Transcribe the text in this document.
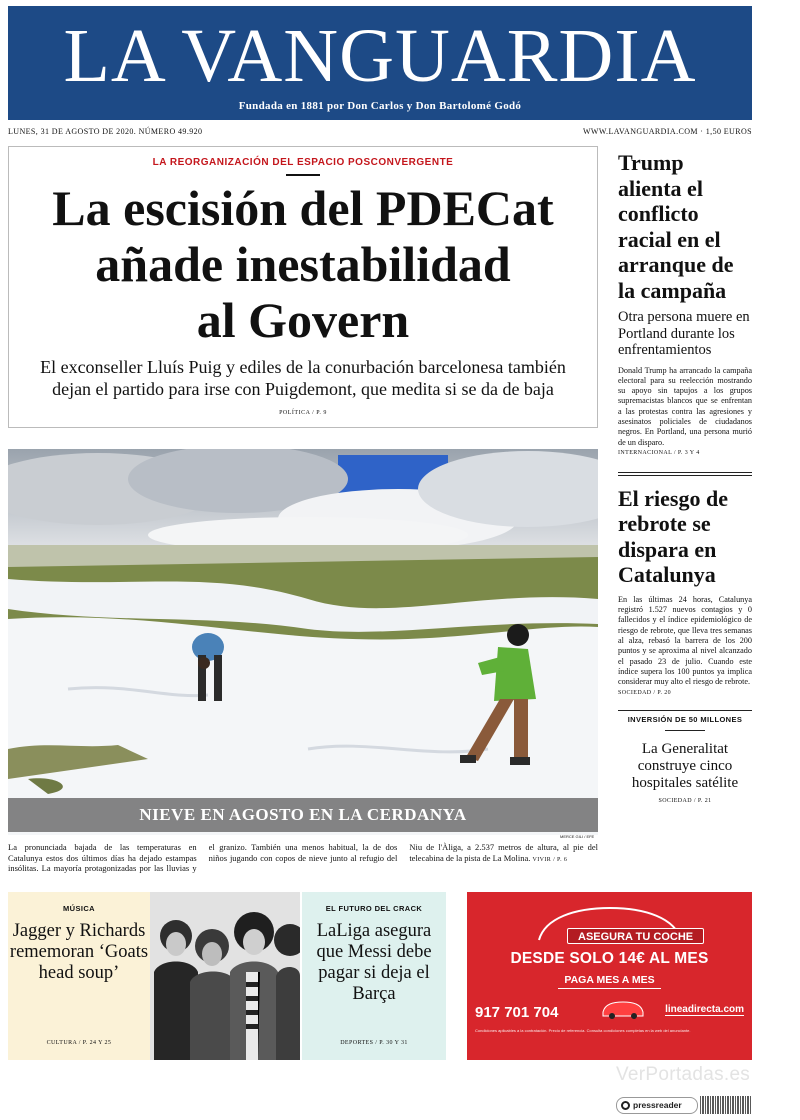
LA VANGUARDIA
Fundada en 1881 por Don Carlos y Don Bartolomé Godó
LUNES, 31 DE AGOSTO DE 2020. NÚMERO 49.920	WWW.LAVANGUARDIA.COM · 1,50 EUROS
LA REORGANIZACIÓN DEL ESPACIO POSCONVERGENTE
La escisión del PDECat
añade inestabilidad
al Govern
El exconseller Lluís Puig y ediles de la conurbación barcelonesa también dejan el partido para irse con Puigdemont, que medita si se da de baja
POLÍTICA / P. 9
NIEVE EN AGOSTO EN LA CERDANYA
MERCE GILI / EFE
La pronunciada bajada de las temperaturas en Catalunya estos dos últimos días ha dejado estampas insólitas. La mayoría protagonizadas por las lluvias y el granizo. También una menos habitual, la de dos niños jugando con copos de nieve junto al refugio del Niu de l'Àliga, a 2.537 metros de altura, al pie del telecabina de la pista de La Molina. VIVIR / P. 6
Trump alienta el conflicto racial en el arranque de la campaña
Otra persona muere en Portland durante los enfrentamientos
Donald Trump ha arrancado la campaña electoral para su reelección mostrando su apoyo sin tapujos a los grupos supremacistas blancos que se enfrentan a las protestas contra las agresiones y asesinatos policiales de ciudadanos negros. En Portland, una persona murió de un disparo.
INTERNACIONAL / P. 3 Y 4
El riesgo de rebrote se dispara en Catalunya
En las últimas 24 horas, Catalunya registró 1.527 nuevos contagios y 0 fallecidos y el índice epidemiológico de riesgo de rebrote, que lleva tres semanas al alza, rebasó la barrera de los 200 puntos y se aproxima al nivel alcanzado el pasado 23 de julio. Cuando este índice supera los 100 puntos ya implica considerar muy alto el riesgo de rebrote.
SOCIEDAD / P. 20
INVERSIÓN DE 50 MILLONES
La Generalitat construye cinco hospitales satélite
SOCIEDAD / P. 21
MÚSICA
Jagger y Richards rememoran ‘Goats head soup’
CULTURA / P. 24 Y 25
EL FUTURO DEL CRACK
LaLiga asegura que Messi debe pagar si deja el Barça
DEPORTES / P. 30 Y 31
ASEGURA TU COCHE
DESDE SOLO 14€ AL MES
PAGA MES A MES
917 701 704	lineadirecta.com
Condiciones aplicables a la contratación. Precio de referencia. Consulta condiciones completas en la web del anunciante.
VerPortadas.es
pressreader
